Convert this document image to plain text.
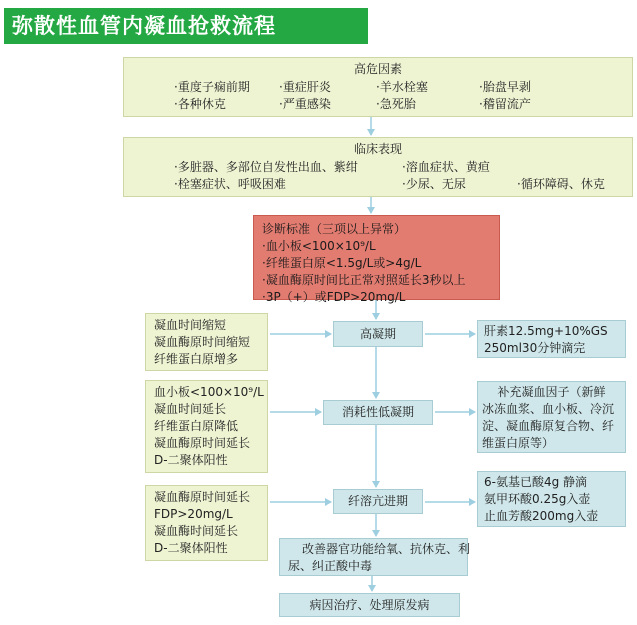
弥散性血管内凝血抢救流程
高危因素
·重度子痫前期 ·重症肝炎	·羊水栓塞	·胎盘早剥
·各种休克	·严重感染	·急死胎	·稽留流产
临床表现
·多脏器、多部位自发性出血、紫绀	·溶血症状、黄疸
·栓塞症状、呼吸困难	·少尿、无尿	·循环障碍、休克
诊断标准（三项以上异常）
·血小板<100×10⁹/L
·纤维蛋白原<1.5g/L或>4g/L
·凝血酶原时间比正常对照延长3秒以上
·3P（+）或FDP>20mg/L
凝血时间缩短
凝血酶原时间缩短
纤维蛋白原增多
高凝期	肝素12.5mg+10%GS
250ml30分钟滴完
血小板<100×10⁹/L
凝血时间延长
纤维蛋白原降低
凝血酶原时间延长
D-二聚体阳性
消耗性低凝期
补充凝血因子（新鲜
冰冻血浆、血小板、冷沉
淀、凝血酶原复合物、纤
维蛋白原等）
凝血酶原时间延长
FDP>20mg/L
凝血酶时间延长
D-二聚体阳性
纤溶亢进期
6-氨基已酸4g 静滴
氨甲环酸0.25g入壶
止血芳酸200mg入壶
改善器官功能给氧、抗休克、利
尿、纠正酸中毒
病因治疗、处理原发病
